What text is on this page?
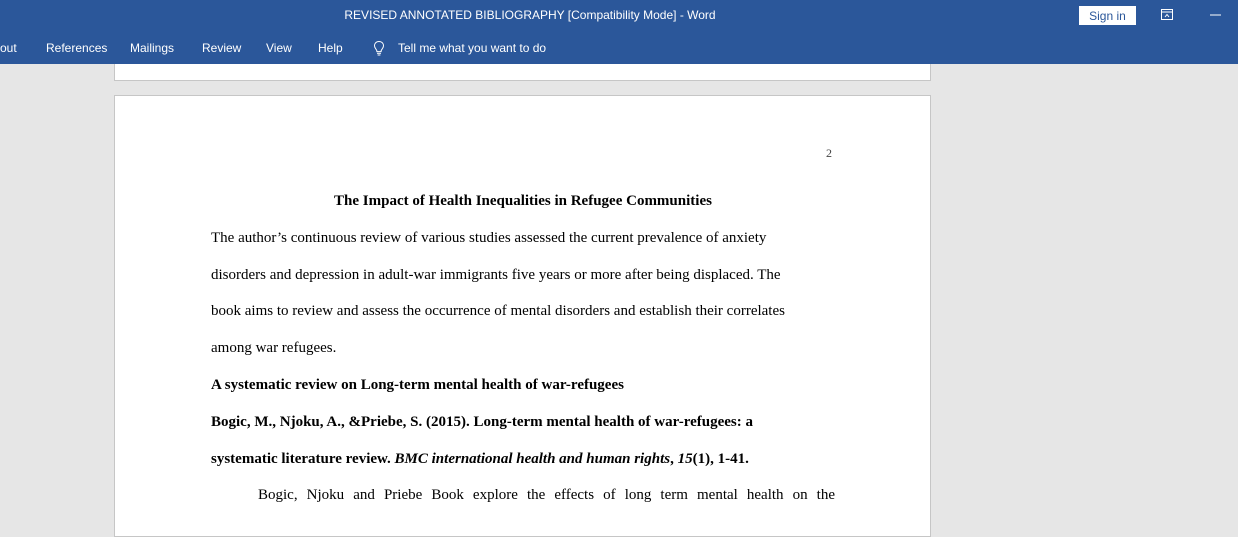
REVISED ANNOTATED BIBLIOGRAPHY [Compatibility Mode] - Word	Sign in
out References Mailings Review View Help	Tell me what you want to do
2
The Impact of Health Inequalities in Refugee Communities
The author’s continuous review of various studies assessed the current prevalence of anxiety
disorders and depression in adult-war immigrants five years or more after being displaced. The
book aims to review and assess the occurrence of mental disorders and establish their correlates
among war refugees.
A systematic review on Long-term mental health of war-refugees
Bogic, M., Njoku, A., &Priebe, S. (2015). Long-term mental health of war-refugees: a
systematic literature review. BMC international health and human rights, 15(1), 1-41.
Bogic, Njoku and Priebe Book explore the effects of long term mental health on the
